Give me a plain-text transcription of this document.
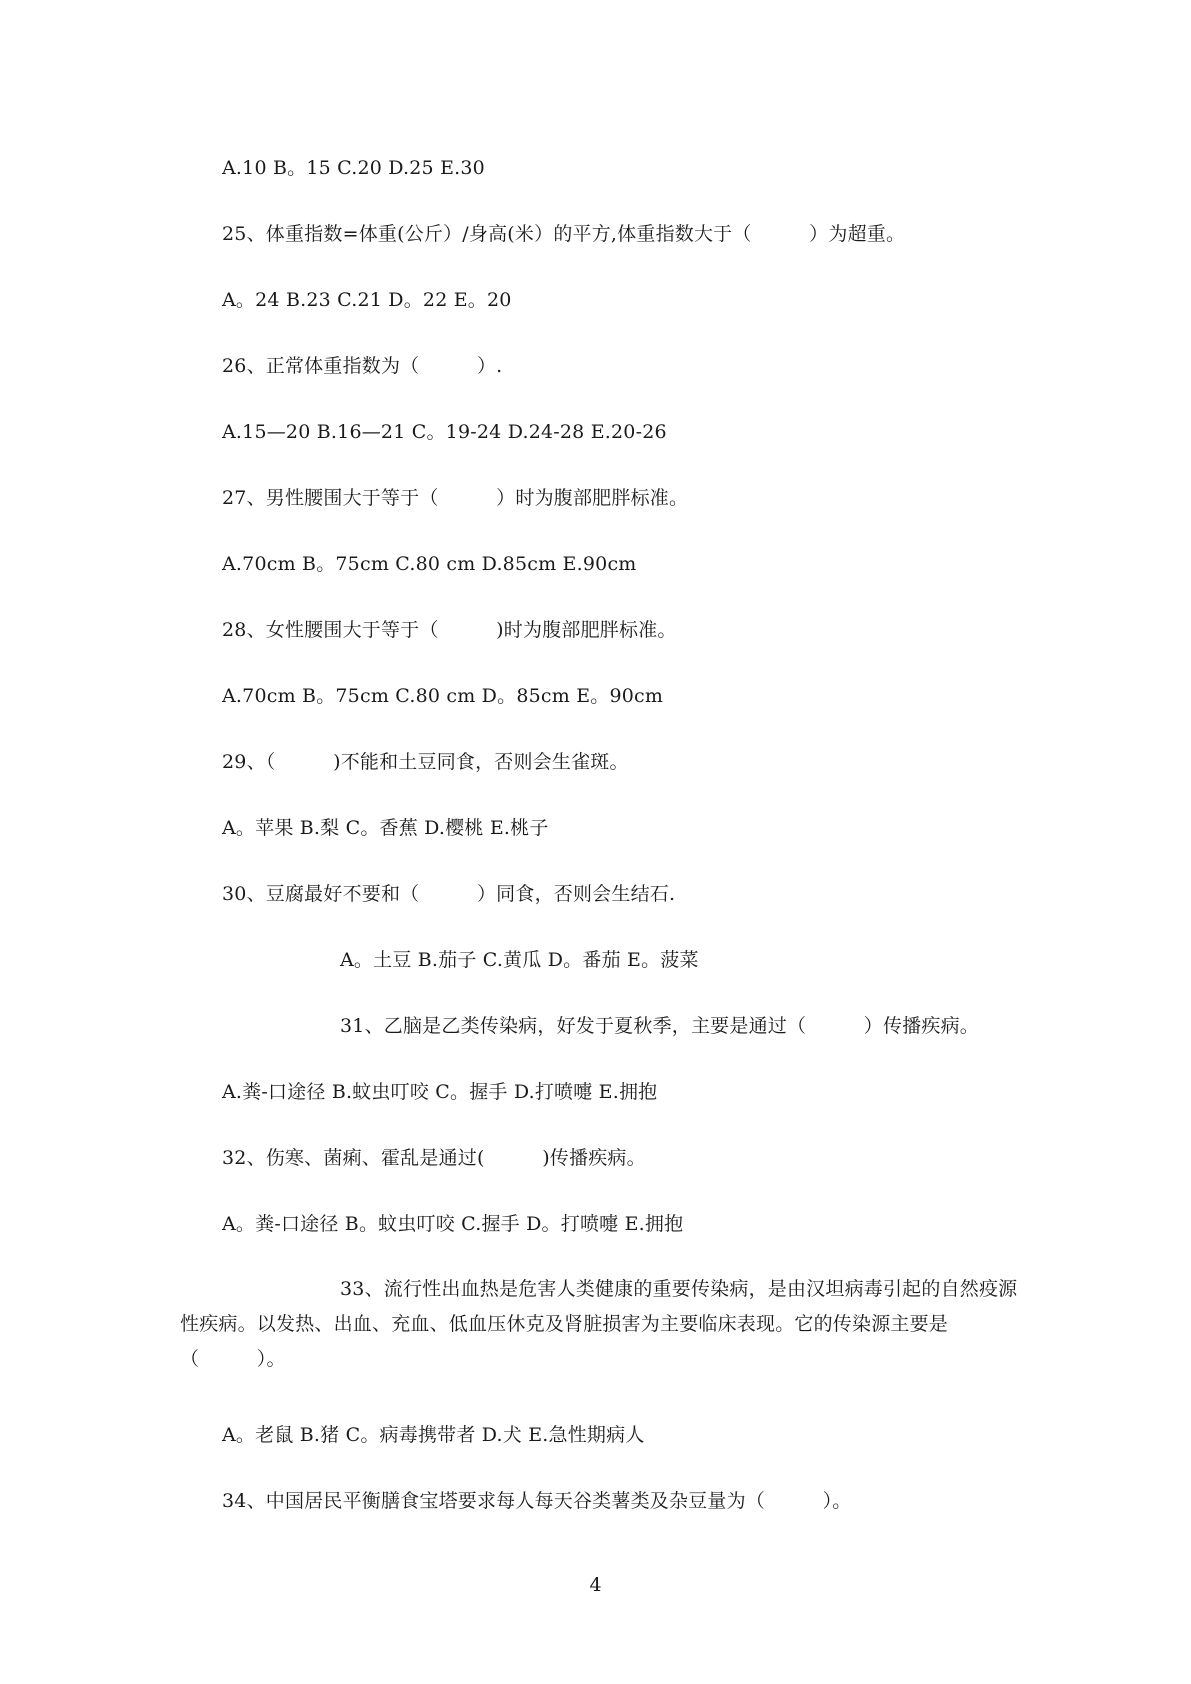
A.10 B。15 C.20 D.25 E.30
25、体重指数=体重(公斤）/身高(米）的平方,体重指数大于（　　　）为超重。
A。24 B.23 C.21 D。22 E。20
26、正常体重指数为（　　　）.
A.15—20 B.16—21 C。19-24 D.24-28 E.20-26
27、男性腰围大于等于（　　　）时为腹部肥胖标准。
A.70cm B。75cm C.80 cm D.85cm E.90cm
28、女性腰围大于等于（　　　)时为腹部肥胖标准。
A.70cm B。75cm C.80 cm D。85cm E。90cm
29、（　　　)不能和土豆同食，否则会生雀斑。
A。苹果 B.梨 C。香蕉 D.樱桃 E.桃子
30、豆腐最好不要和（　　　）同食，否则会生结石.
A。土豆 B.茄子 C.黄瓜 D。番茄 E。菠菜
31、乙脑是乙类传染病，好发于夏秋季，主要是通过（　　　）传播疾病。
A.粪-口途径 B.蚊虫叮咬 C。握手 D.打喷嚏 E.拥抱
32、伤寒、菌痢、霍乱是通过(　　　)传播疾病。
A。粪-口途径 B。蚊虫叮咬 C.握手 D。打喷嚏 E.拥抱
33、流行性出血热是危害人类健康的重要传染病，是由汉坦病毒引起的自然疫源性疾病。以发热、出血、充血、低血压休克及肾脏损害为主要临床表现。它的传染源主要是（　　　）。
A。老鼠 B.猪 C。病毒携带者 D.犬 E.急性期病人
34、中国居民平衡膳食宝塔要求每人每天谷类薯类及杂豆量为（　　　）。
4
